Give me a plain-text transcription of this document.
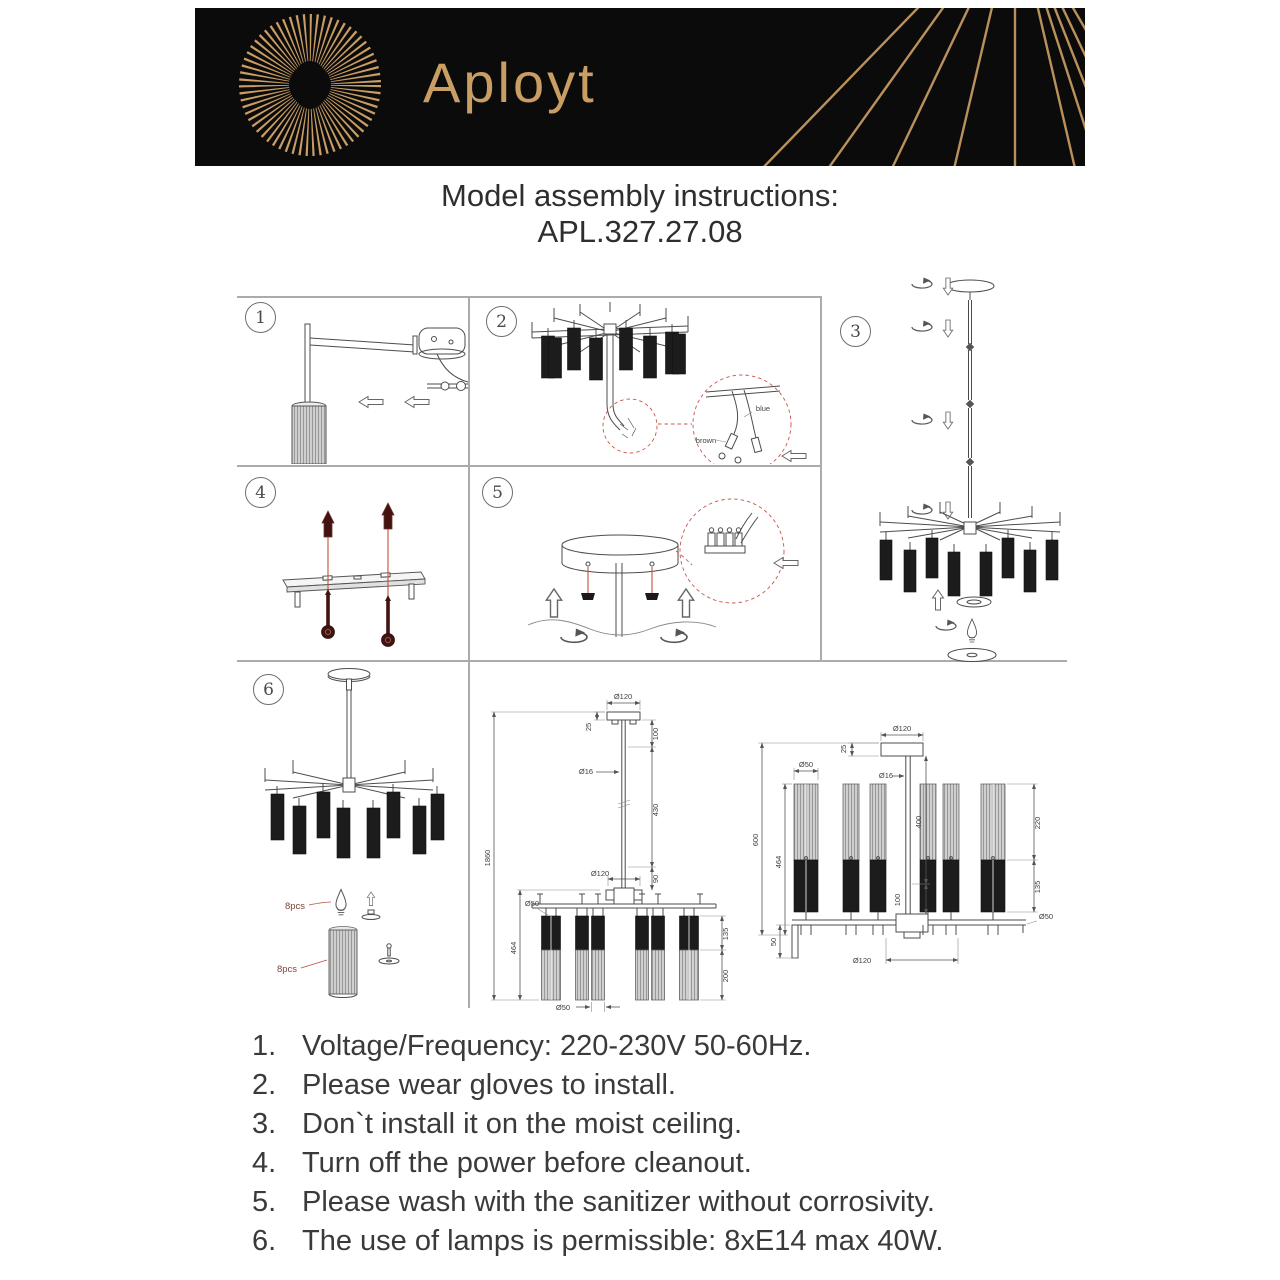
Aployt
Model assembly instructions:
APL.327.27.08
1	2
blue
brown
3
4	5
6
8pcs
8pcs
Ø120
25
100
Ø16
430
90
Ø120
1860
464
Ø50
135
200
Ø50
Ø120
25
Ø50
Ø16
400
100
600
464
220
135
Ø50
50
Ø120
1. Voltage/Frequency: 220-230V 50-60Hz.
2. Please wear gloves to install.
3. Don`t install it on the moist ceiling.
4. Turn off the power before cleanout.
5. Please wash with the sanitizer without corrosivity.
6. The use of lamps is permissible: 8xE14 max 40W.
